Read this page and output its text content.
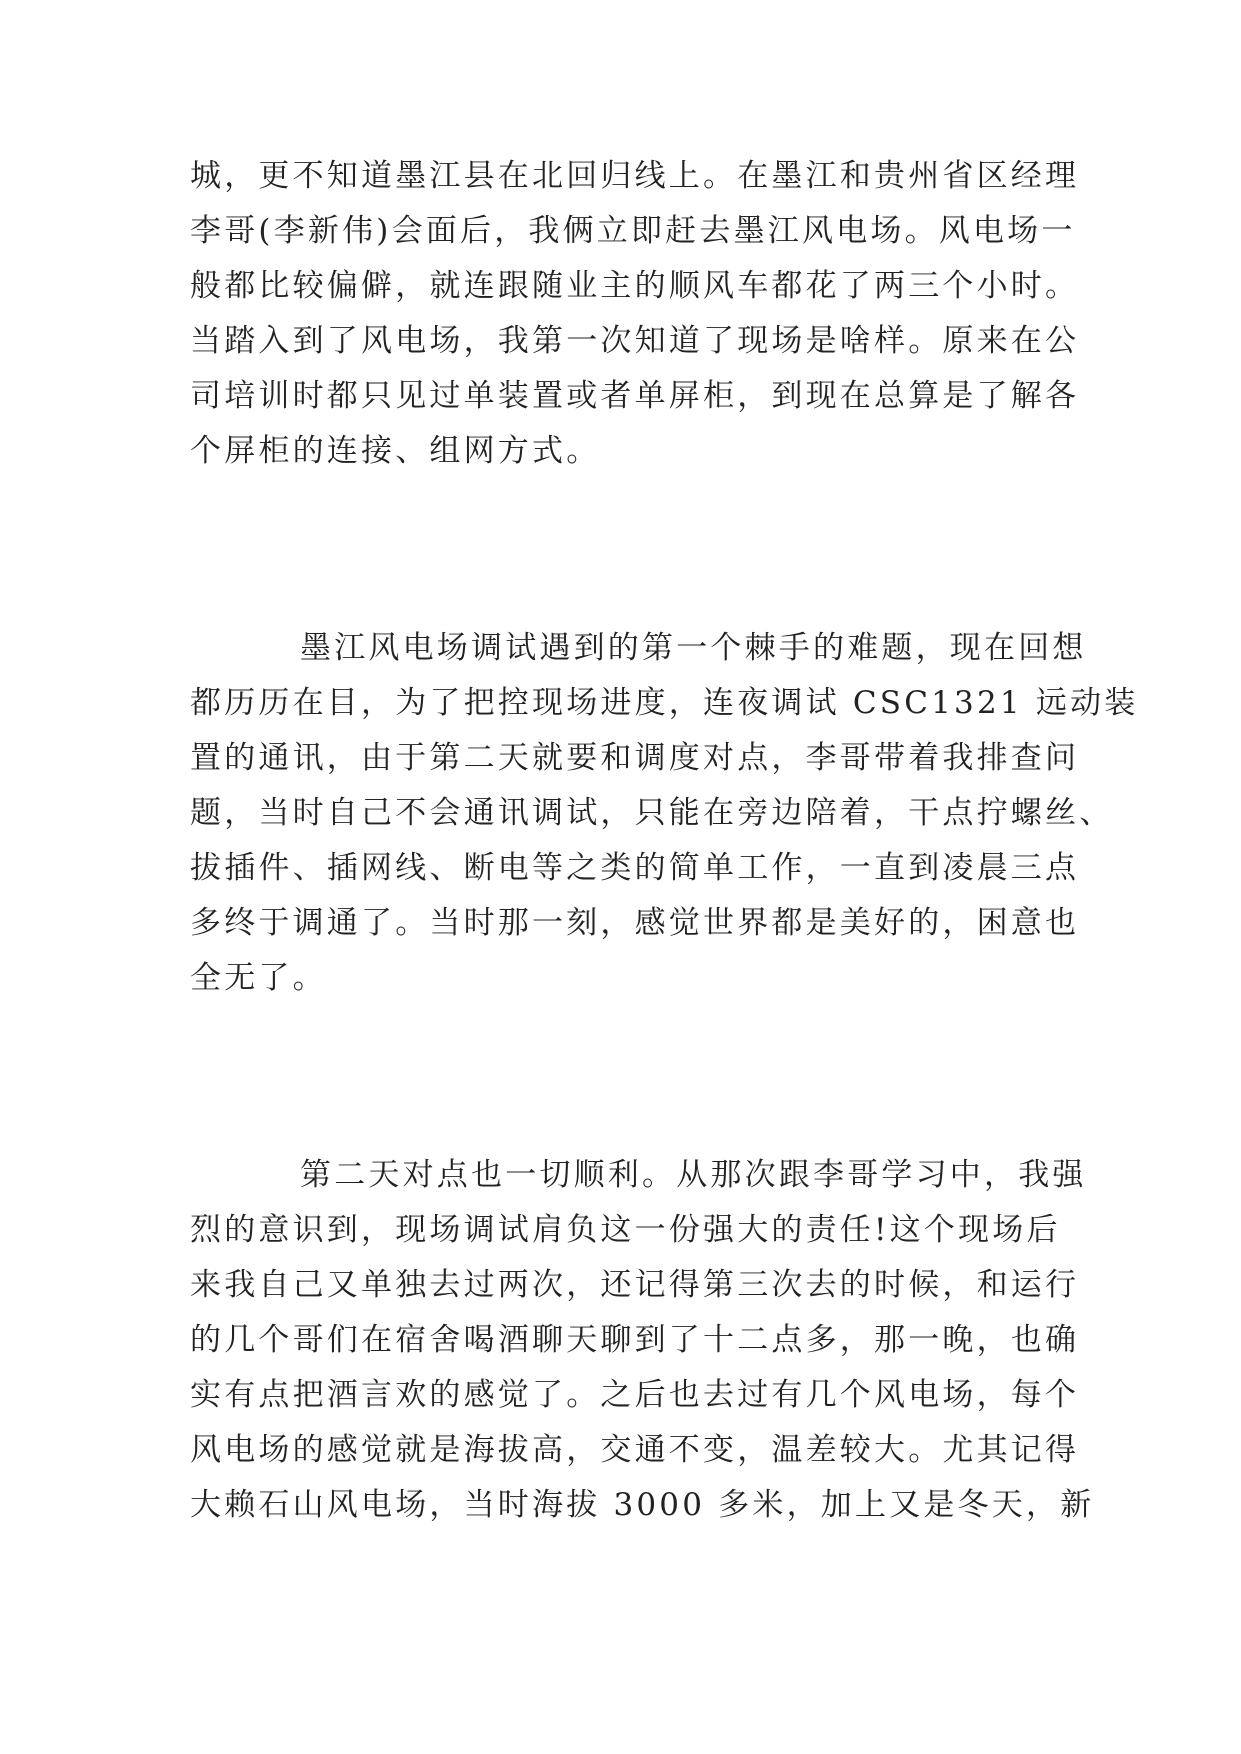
城，更不知道墨江县在北回归线上。在墨江和贵州省区经理
李哥(李新伟)会面后，我俩立即赶去墨江风电场。风电场一
般都比较偏僻，就连跟随业主的顺风车都花了两三个小时。
当踏入到了风电场，我第一次知道了现场是啥样。原来在公
司培训时都只见过单装置或者单屏柜，到现在总算是了解各
个屏柜的连接、组网方式。
墨江风电场调试遇到的第一个棘手的难题，现在回想
都历历在目，为了把控现场进度，连夜调试 CSC1321 远动装
置的通讯，由于第二天就要和调度对点，李哥带着我排查问
题，当时自己不会通讯调试，只能在旁边陪着，干点拧螺丝、
拔插件、插网线、断电等之类的简单工作，一直到凌晨三点
多终于调通了。当时那一刻，感觉世界都是美好的，困意也
全无了。
第二天对点也一切顺利。从那次跟李哥学习中，我强
烈的意识到，现场调试肩负这一份强大的责任!这个现场后
来我自己又单独去过两次，还记得第三次去的时候，和运行
的几个哥们在宿舍喝酒聊天聊到了十二点多，那一晚，也确
实有点把酒言欢的感觉了。之后也去过有几个风电场，每个
风电场的感觉就是海拔高，交通不变，温差较大。尤其记得
大赖石山风电场，当时海拔 3000 多米，加上又是冬天，新
